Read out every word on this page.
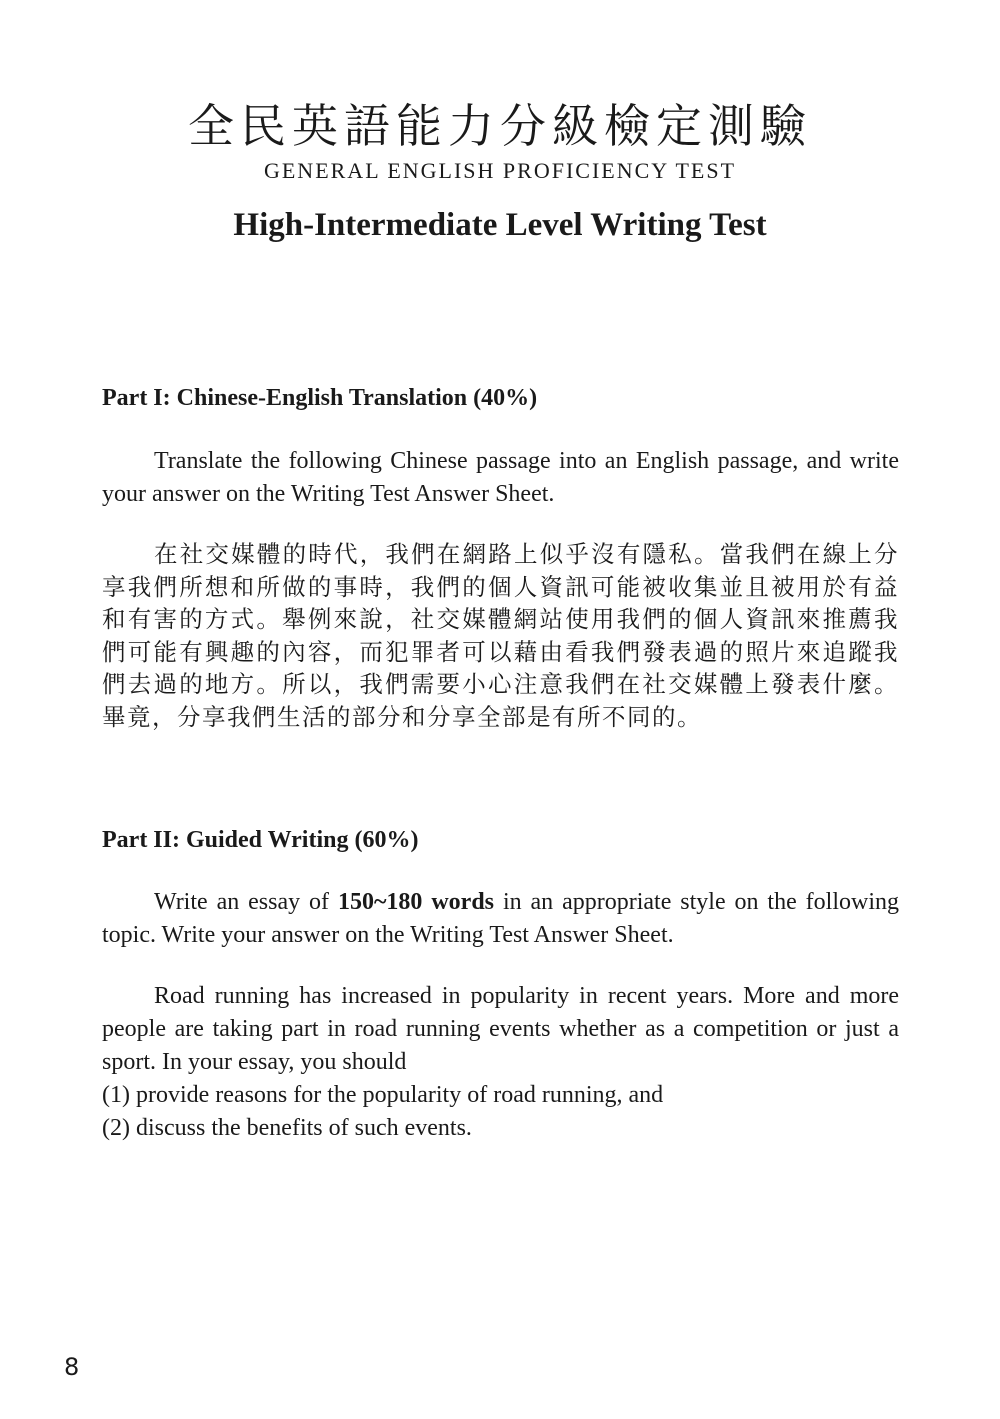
全民英語能力分級檢定測驗
GENERAL ENGLISH PROFICIENCY TEST
High-Intermediate Level Writing Test
Part I: Chinese-English Translation (40%)

Translate the following Chinese passage into an English passage, and write your answer on the Writing Test Answer Sheet.

在社交媒體的時代，我們在網路上似乎沒有隱私。當我們在線上分享我們所想和所做的事時，我們的個人資訊可能被收集並且被用於有益和有害的方式。舉例來說，社交媒體網站使用我們的個人資訊來推薦我們可能有興趣的內容，而犯罪者可以藉由看我們發表過的照片來追蹤我們去過的地方。所以，我們需要小心注意我們在社交媒體上發表什麼。畢竟，分享我們生活的部分和分享全部是有所不同的。

Part II: Guided Writing (60%)

Write an essay of 150~180 words in an appropriate style on the following topic. Write your answer on the Writing Test Answer Sheet.

Road running has increased in popularity in recent years. More and more people are taking part in road running events whether as a competition or just a sport. In your essay, you should

(1) provide reasons for the popularity of road running, and
(2) discuss the benefits of such events.
8
